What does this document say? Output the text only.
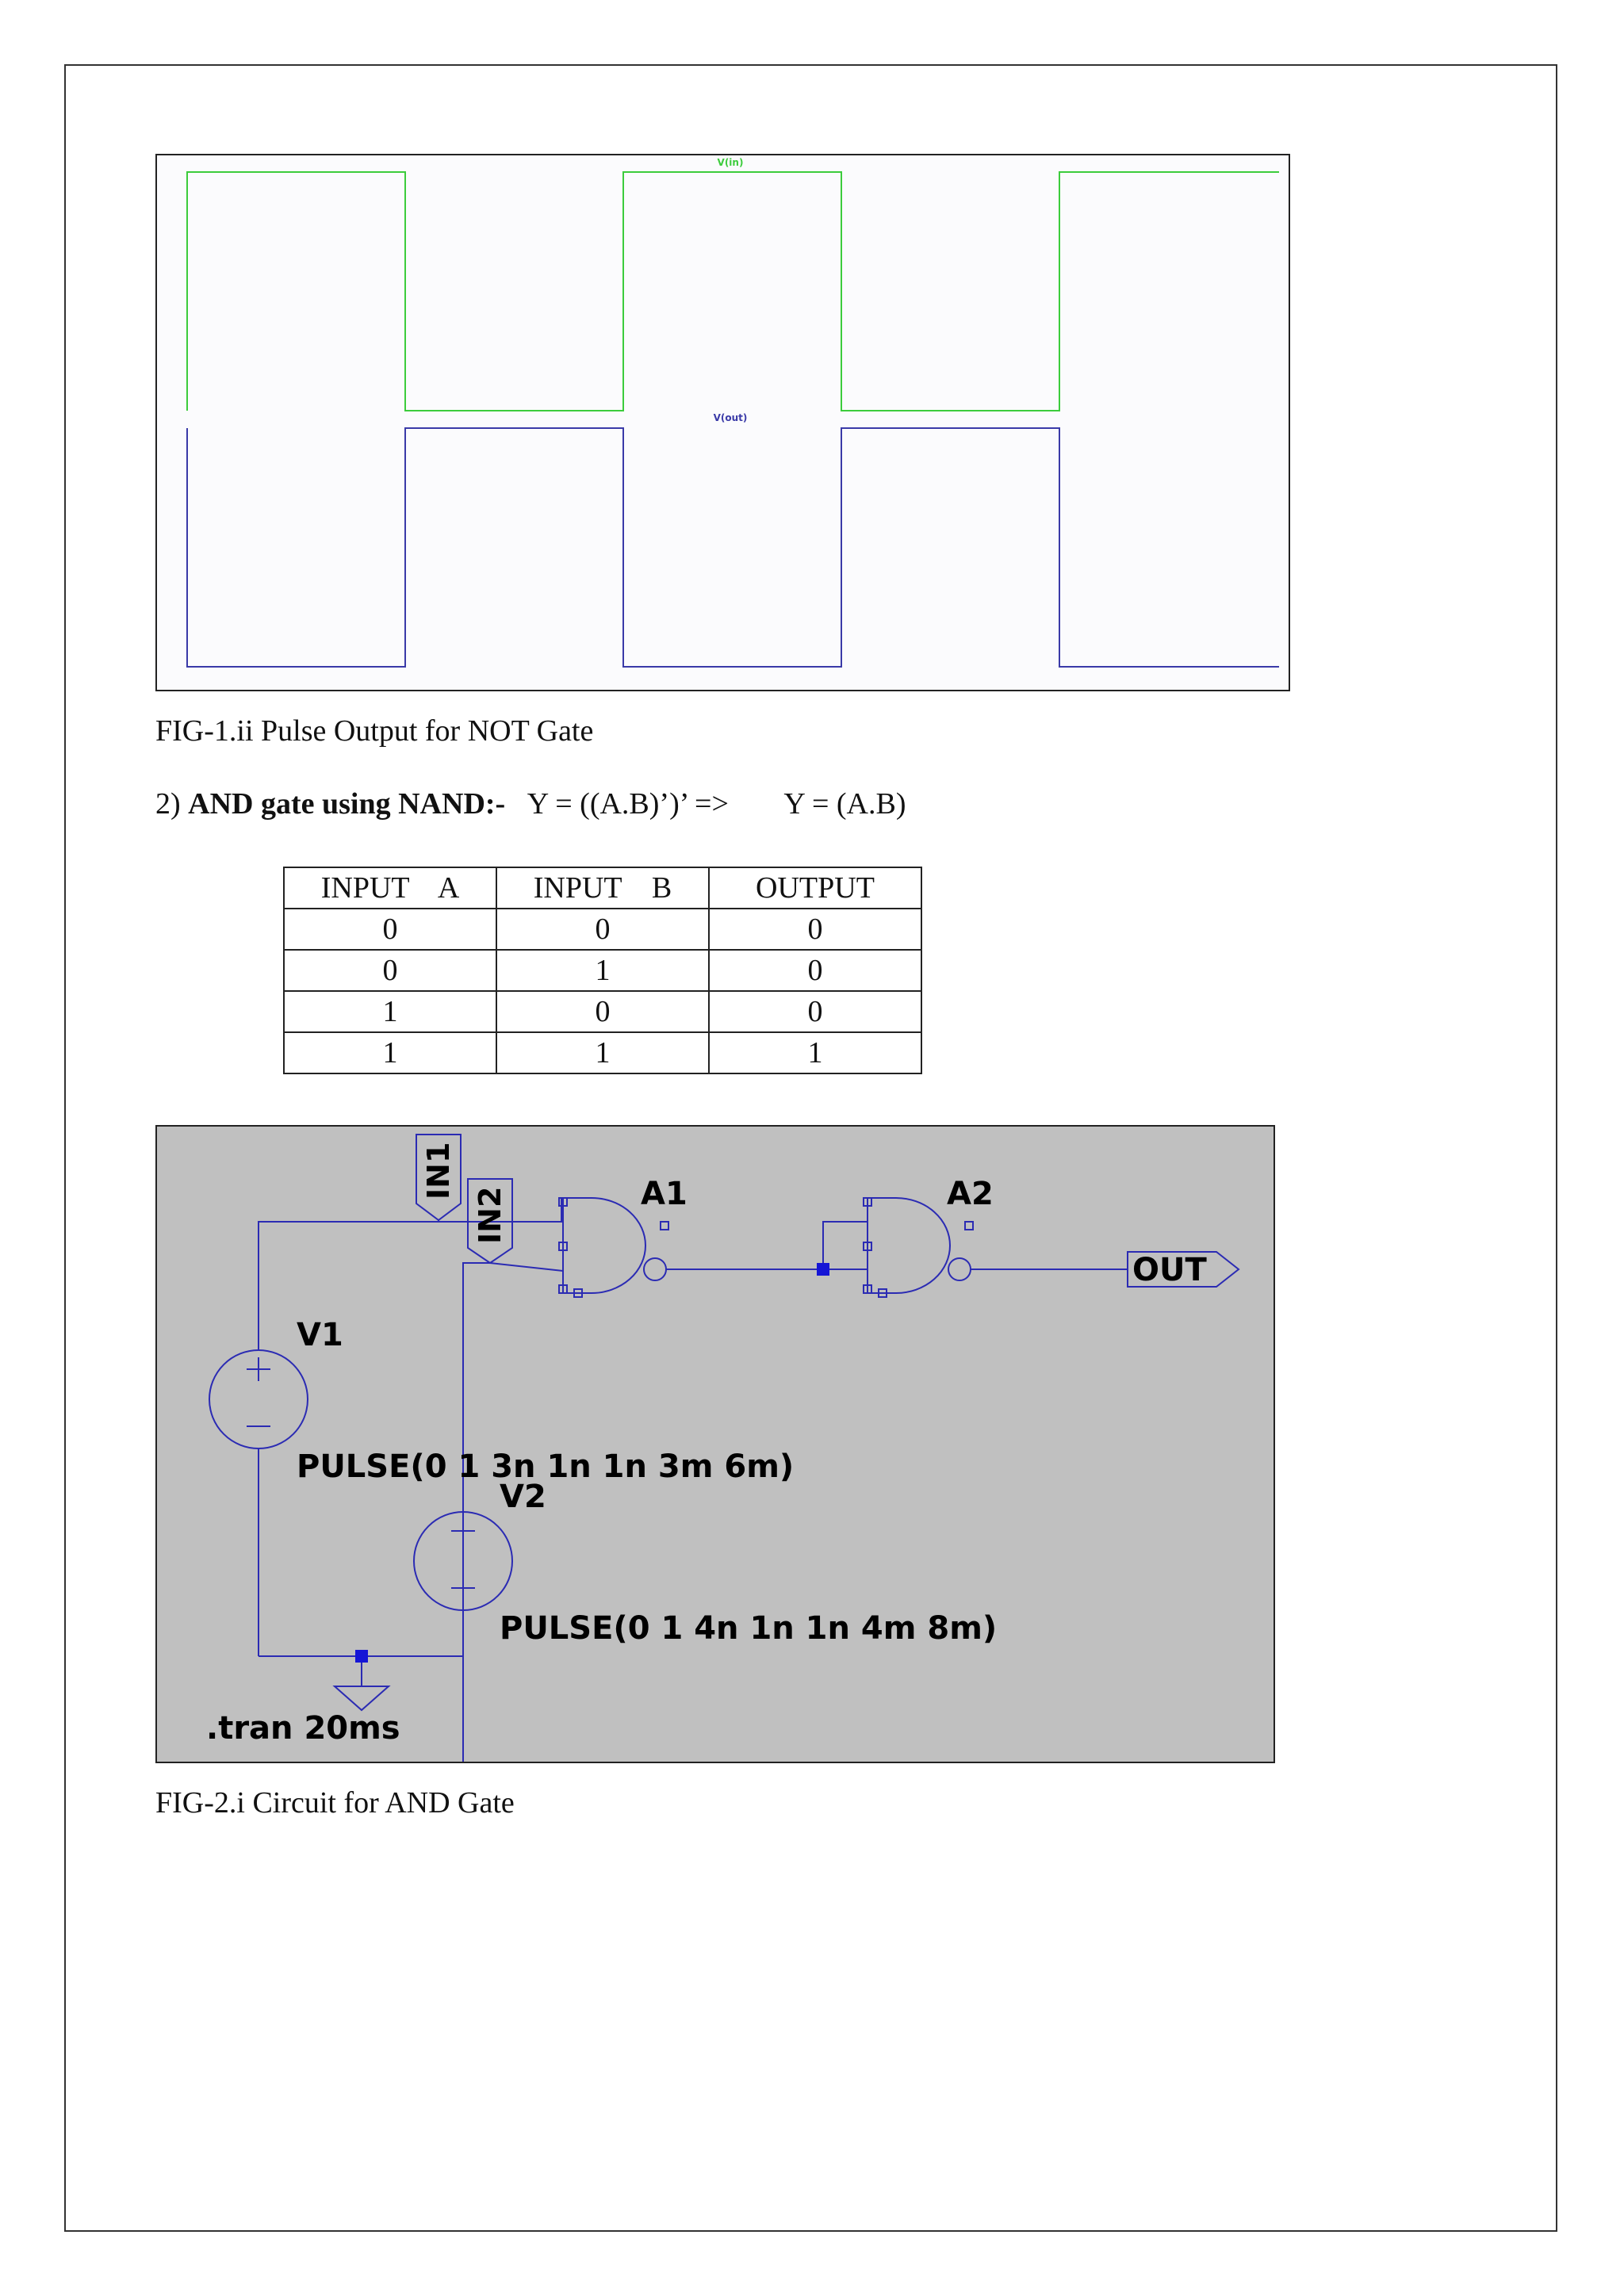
V(in)
V(out)
FIG-1.ii Pulse Output for NOT Gate
2) AND gate using NAND:- Y = ((A.B)’)’ => Y = (A.B)
INPUT    A	INPUT    B	OUTPUT
0	0	0
0	1	0
1	0	0
1	1	1
IN1
IN2	A1	A2
OUT
V1
PULSE(0 1 3n 1n 1n 3m 6m)
V2
PULSE(0 1 4n 1n 1n 4m 8m)
.tran 20ms
FIG-2.i Circuit for AND Gate
